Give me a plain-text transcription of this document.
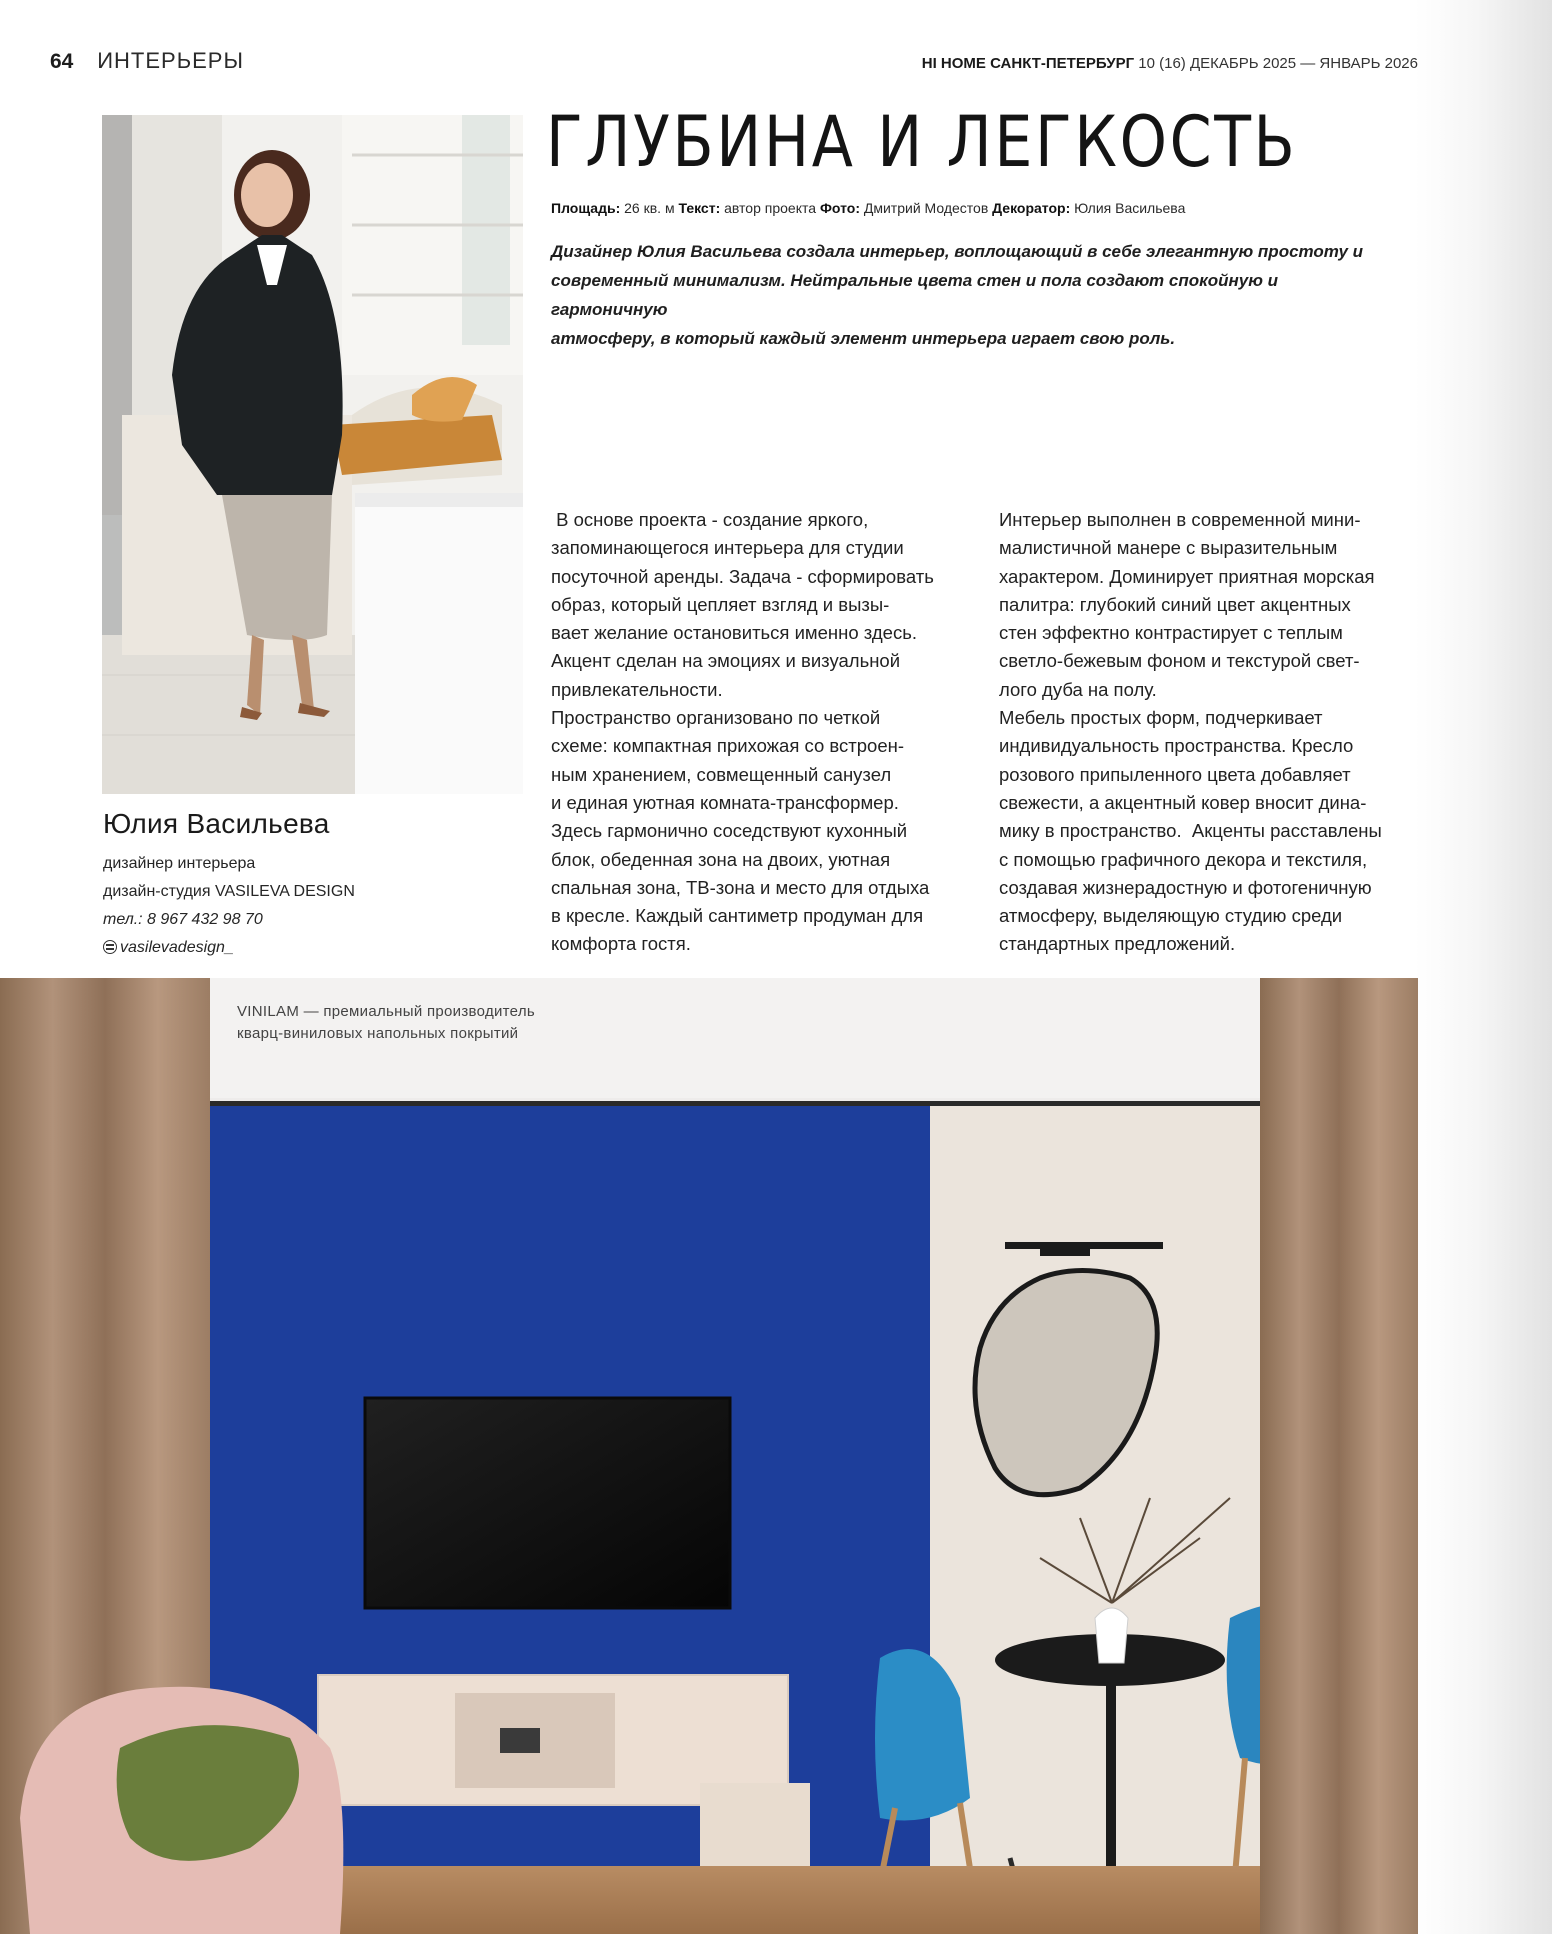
64 ИНТЕРЬЕРЫ	HI HOME САНКТ-ПЕТЕРБУРГ 10 (16) ДЕКАБРЬ 2025 — ЯНВАРЬ 2026
Юлия Васильева
дизайнер интерьера
дизайн-студия VASILEVA DESIGN
тел.: 8 967 432 98 70
vasilevadesign_
ГЛУБИНА И ЛЕГКОСТЬ
Площадь: 26 кв. м Текст: автор проекта Фото: Дмитрий Модестов Декоратор: Юлия Васильева
Дизайнер Юлия Васильева создала интерьер, воплощающий в себе элегантную простоту и
современный минимализм. Нейтральные цвета стен и пола создают спокойную и гармоничную
атмосферу, в который каждый элемент интерьера играет свою роль.
В основе проекта - создание яркого,
запоминающегося интерьера для студии
посуточной аренды. Задача - сформировать
образ, который цепляет взгляд и вызы-
вает желание остановиться именно здесь.
Акцент сделан на эмоциях и визуальной
привлекательности.
Пространство организовано по четкой
схеме: компактная прихожая со встроен-
ным хранением, совмещенный санузел
и единая уютная комната-трансформер.
Здесь гармонично соседствуют кухонный
блок, обеденная зона на двоих, уютная
спальная зона, ТВ-зона и место для отдыха
в кресле. Каждый сантиметр продуман для
комфорта гостя.
Интерьер выполнен в современной мини-
малистичной манере с выразительным
характером. Доминирует приятная морская
палитра: глубокий синий цвет акцентных
стен эффектно контрастирует с теплым
светло-бежевым фоном и текстурой свет-
лого дуба на полу.
Мебель простых форм, подчеркивает
индивидуальность пространства. Кресло
розового припыленного цвета добавляет
свежести, а акцентный ковер вносит дина-
мику в пространство.  Акценты расставлены
с помощью графичного декора и текстиля,
создавая жизнерадостную и фотогеничную
атмосферу, выделяющую студию среди
стандартных предложений.
VINILAM — премиальный производитель
кварц-виниловых напольных покрытий
